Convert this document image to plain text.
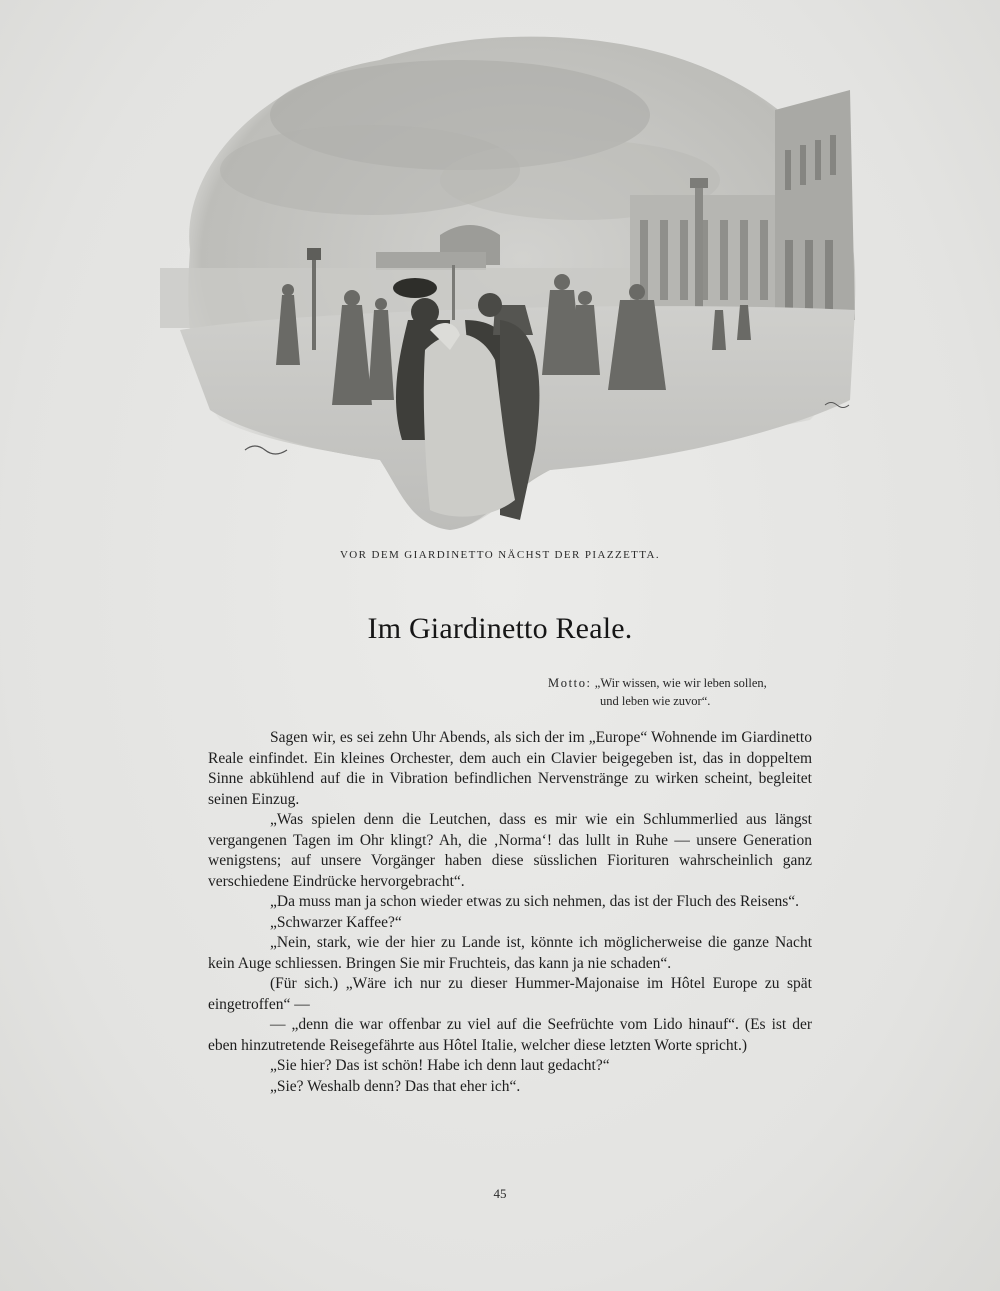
VOR DEM GIARDINETTO NÄCHST DER PIAZZETTA.
Im Giardinetto Reale.
Motto: „Wir wissen, wie wir leben sollen,
und leben wie zuvor“.

Sagen wir, es sei zehn Uhr Abends, als sich der im „Europe“ Wohnende im Giardinetto Reale einfindet. Ein kleines Orchester, dem auch ein Clavier beigegeben ist, das in doppeltem Sinne abkühlend auf die in Vibration befindlichen Nervenstränge zu wirken scheint, begleitet seinen Einzug.

„Was spielen denn die Leutchen, dass es mir wie ein Schlummerlied aus längst vergangenen Tagen im Ohr klingt? Ah, die ‚Norma‘! das lullt in Ruhe — unsere Generation wenigstens; auf unsere Vorgänger haben diese süsslichen Fiorituren wahrscheinlich ganz verschiedene Eindrücke hervorgebracht“.

„Da muss man ja schon wieder etwas zu sich nehmen, das ist der Fluch des Reisens“.

„Schwarzer Kaffee?“

„Nein, stark, wie der hier zu Lande ist, könnte ich möglicherweise die ganze Nacht kein Auge schliessen. Bringen Sie mir Fruchteis, das kann ja nie schaden“.

(Für sich.) „Wäre ich nur zu dieser Hummer-Majonaise im Hôtel Europe zu spät eingetroffen“ —

— „denn die war offenbar zu viel auf die Seefrüchte vom Lido hinauf“. (Es ist der eben hinzutretende Reisegefährte aus Hôtel Italie, welcher diese letzten Worte spricht.)

„Sie hier? Das ist schön! Habe ich denn laut gedacht?“

„Sie? Weshalb denn? Das that eher ich“.

45
